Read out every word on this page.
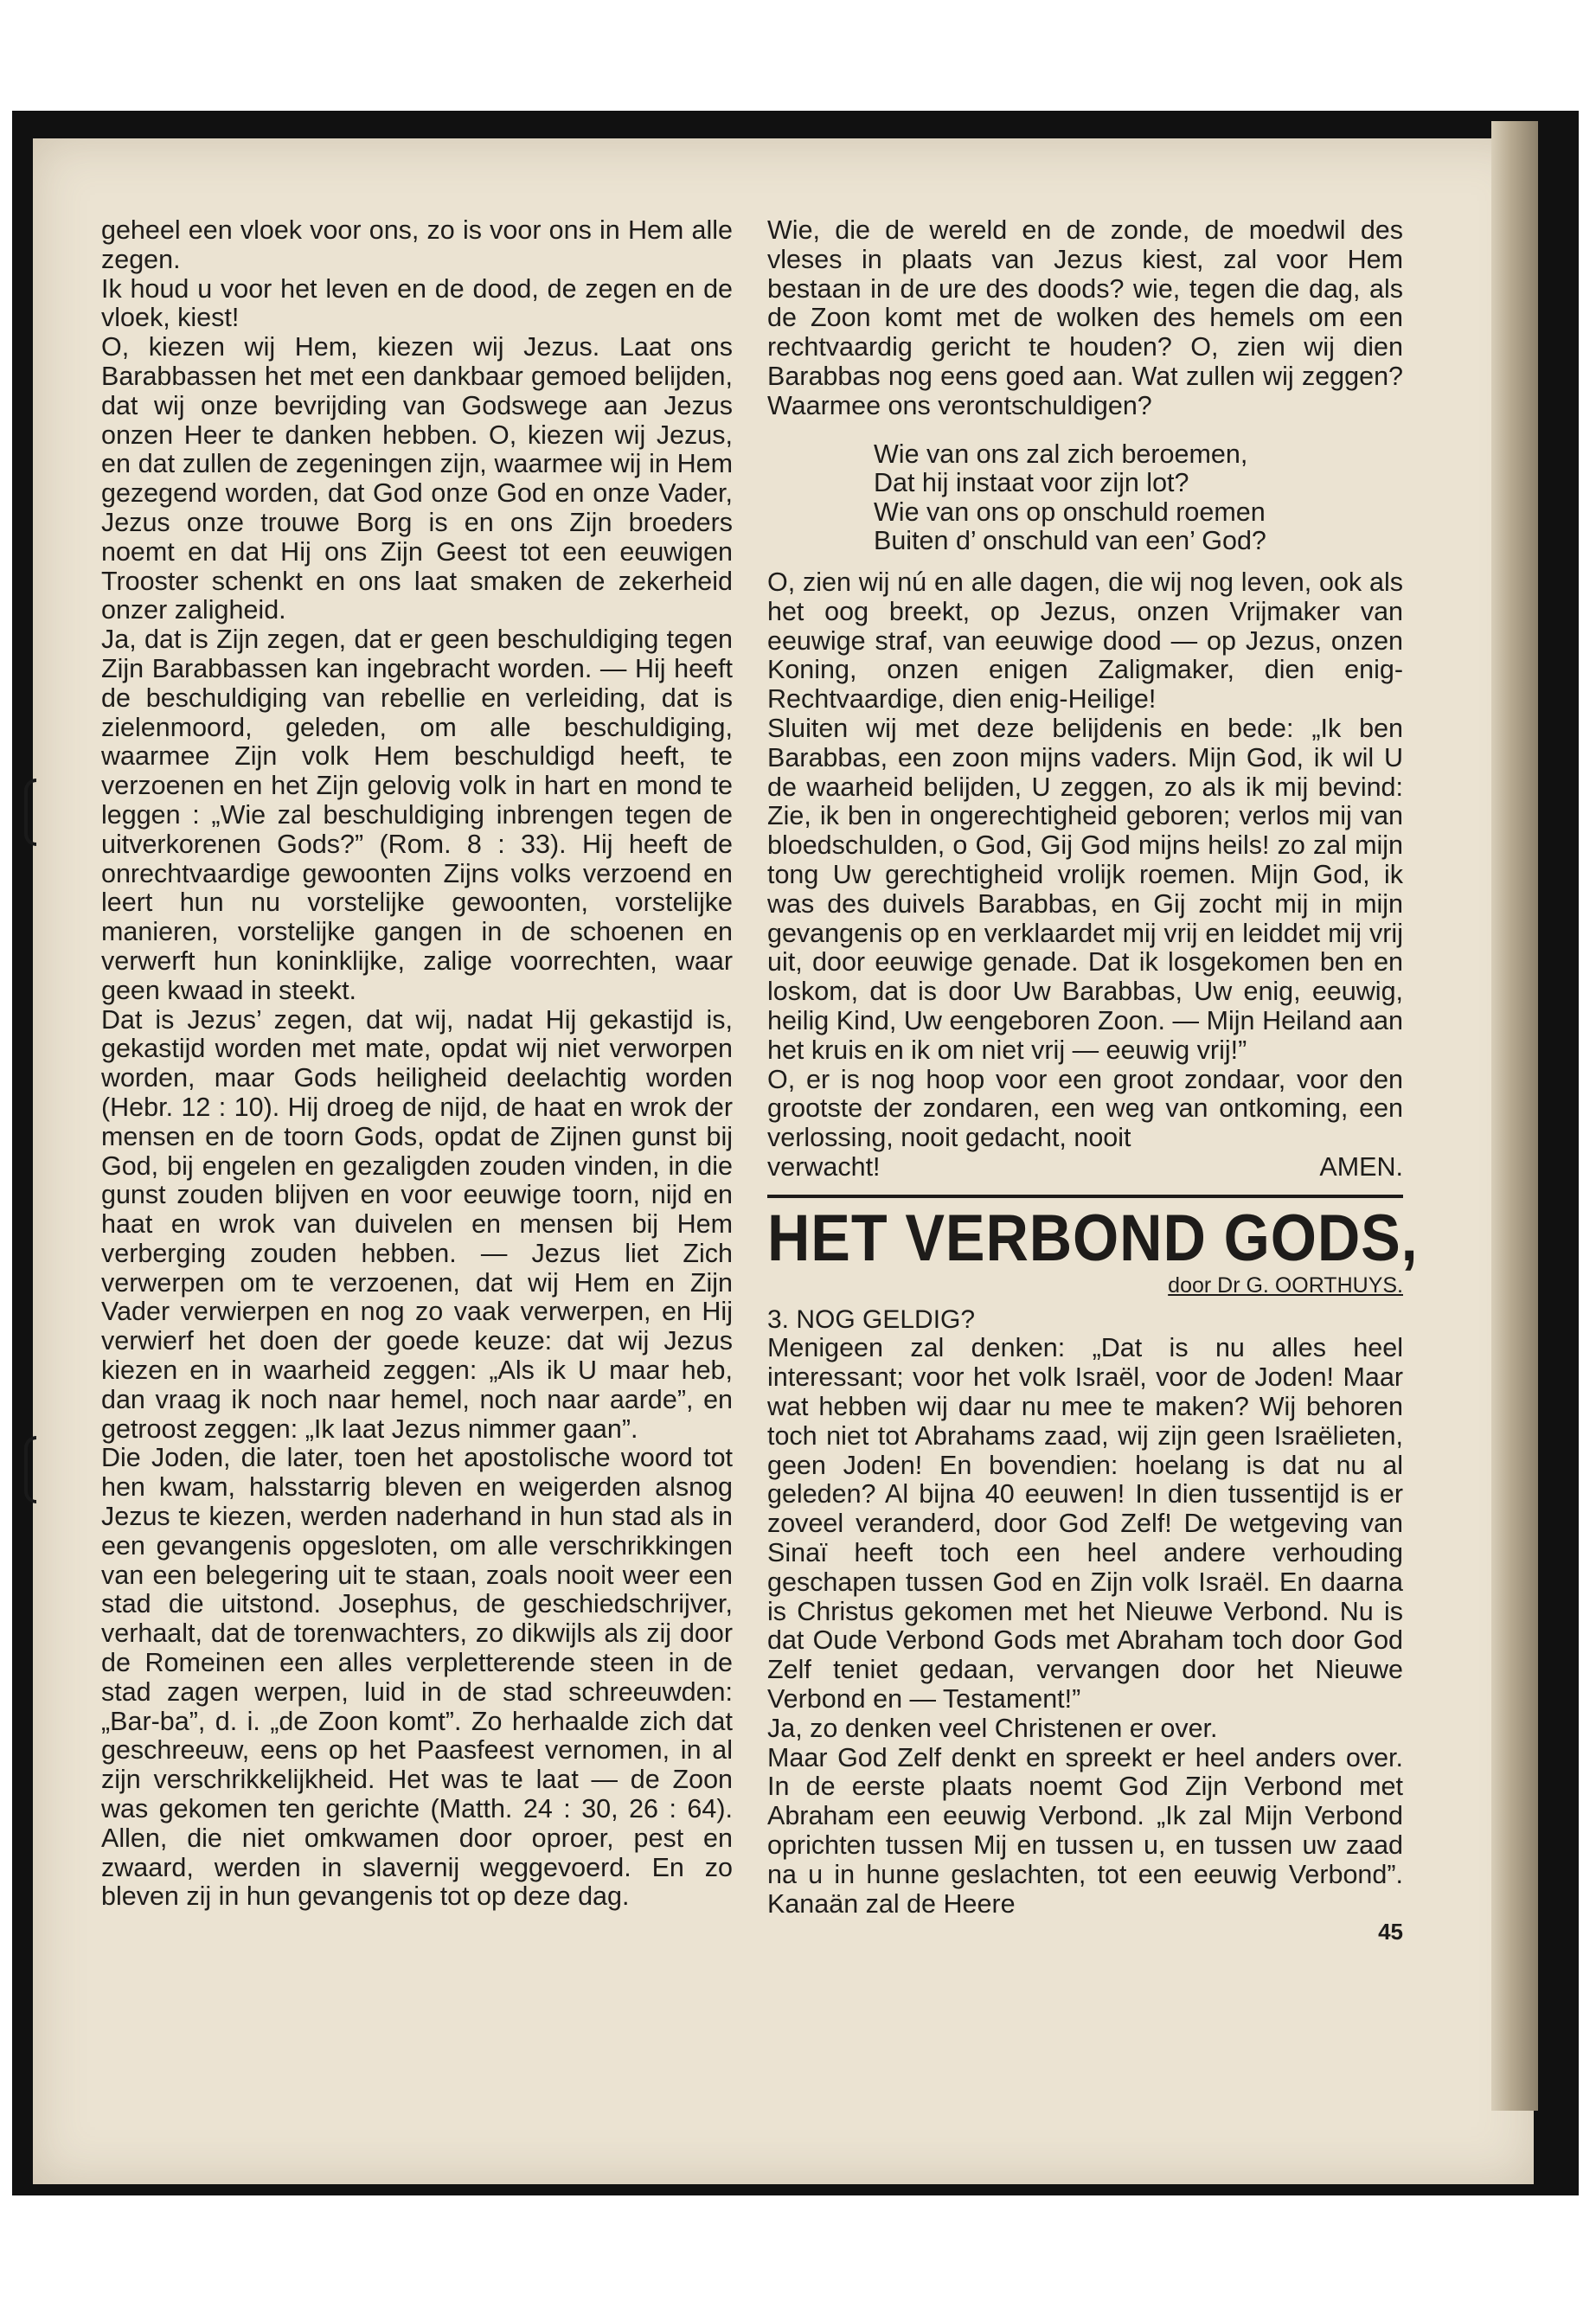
geheel een vloek voor ons, zo is voor ons in Hem alle zegen.

Ik houd u voor het leven en de dood, de zegen en de vloek, kiest!

O, kiezen wij Hem, kiezen wij Jezus. Laat ons Barabbassen het met een dankbaar gemoed belijden, dat wij onze bevrijding van Godswege aan Jezus onzen Heer te danken hebben. O, kiezen wij Jezus, en dat zullen de zegeningen zijn, waarmee wij in Hem gezegend worden, dat God onze God en onze Vader, Jezus onze trouwe Borg is en ons Zijn broeders noemt en dat Hij ons Zijn Geest tot een eeuwigen Trooster schenkt en ons laat smaken de zekerheid onzer zaligheid.

Ja, dat is Zijn zegen, dat er geen beschuldiging tegen Zijn Barabbassen kan ingebracht worden. — Hij heeft de beschuldiging van rebellie en verleiding, dat is zielenmoord, geleden, om alle beschuldiging, waarmee Zijn volk Hem beschuldigd heeft, te verzoenen en het Zijn gelovig volk in hart en mond te leggen : „Wie zal beschuldiging inbrengen tegen de uitverkorenen Gods?” (Rom. 8 : 33). Hij heeft de onrechtvaardige gewoonten Zijns volks verzoend en leert hun nu vorstelijke gewoonten, vorstelijke manieren, vorstelijke gangen in de schoenen en verwerft hun koninklijke, zalige voorrechten, waar geen kwaad in steekt.

Dat is Jezus’ zegen, dat wij, nadat Hij gekastijd is, gekastijd worden met mate, opdat wij niet verworpen worden, maar Gods heiligheid deelachtig worden (Hebr. 12 : 10). Hij droeg de nijd, de haat en wrok der mensen en de toorn Gods, opdat de Zijnen gunst bij God, bij engelen en gezaligden zouden vinden, in die gunst zouden blijven en voor eeuwige toorn, nijd en haat en wrok van duivelen en mensen bij Hem verberging zouden hebben. — Jezus liet Zich verwerpen om te verzoenen, dat wij Hem en Zijn Vader verwierpen en nog zo vaak verwerpen, en Hij verwierf het doen der goede keuze: dat wij Jezus kiezen en in waarheid zeggen: „Als ik U maar heb, dan vraag ik noch naar hemel, noch naar aarde”, en getroost zeggen: „Ik laat Jezus nimmer gaan”.

Die Joden, die later, toen het apostolische woord tot hen kwam, halsstarrig bleven en weigerden alsnog Jezus te kiezen, werden naderhand in hun stad als in een gevangenis opgesloten, om alle verschrikkingen van een belegering uit te staan, zoals nooit weer een stad die uitstond. Josephus, de geschiedschrijver, verhaalt, dat de torenwachters, zo dikwijls als zij door de Romeinen een alles verpletterende steen in de stad zagen werpen, luid in de stad schreeuwden: „Bar-ba”, d. i. „de Zoon komt”. Zo herhaalde zich dat geschreeuw, eens op het Paasfeest vernomen, in al zijn verschrikkelijkheid. Het was te laat — de Zoon was gekomen ten gerichte (Matth. 24 : 30, 26 : 64). Allen, die niet omkwamen door oproer, pest en zwaard, werden in slavernij weggevoerd. En zo bleven zij in hun gevangenis tot op deze dag.

Wie, die de wereld en de zonde, de moedwil des vleses in plaats van Jezus kiest, zal voor Hem bestaan in de ure des doods? wie, tegen die dag, als de Zoon komt met de wolken des hemels om een rechtvaardig gericht te houden? O, zien wij dien Barabbas nog eens goed aan. Wat zullen wij zeggen? Waarmee ons verontschuldigen?

Wie van ons zal zich beroemen,
Dat hij instaat voor zijn lot?
Wie van ons op onschuld roemen
Buiten d’ onschuld van een’ God?

O, zien wij nú en alle dagen, die wij nog leven, ook als het oog breekt, op Jezus, onzen Vrijmaker van eeuwige straf, van eeuwige dood — op Jezus, onzen Koning, onzen enigen Zaligmaker, dien enig-Rechtvaardige, dien enig-Heilige!

Sluiten wij met deze belijdenis en bede: „Ik ben Barabbas, een zoon mijns vaders. Mijn God, ik wil U de waarheid belijden, U zeggen, zo als ik mij bevind: Zie, ik ben in ongerechtigheid geboren; verlos mij van bloedschulden, o God, Gij God mijns heils! zo zal mijn tong Uw gerechtigheid vrolijk roemen. Mijn God, ik was des duivels Barabbas, en Gij zocht mij in mijn gevangenis op en verklaardet mij vrij en leiddet mij vrij uit, door eeuwige genade. Dat ik losgekomen ben en loskom, dat is door Uw Barabbas, Uw enig, eeuwig, heilig Kind, Uw eengeboren Zoon. — Mijn Heiland aan het kruis en ik om niet vrij — eeuwig vrij!”

O, er is nog hoop voor een groot zondaar, voor den grootste der zondaren, een weg van ontkoming, een verlossing, nooit gedacht, nooit

verwacht!	AMEN.

HET VERBOND GODS,
door Dr G. OORTHUYS.
3. NOG GELDIG?

Menigeen zal denken: „Dat is nu alles heel interessant; voor het volk Israël, voor de Joden! Maar wat hebben wij daar nu mee te maken? Wij behoren toch niet tot Abrahams zaad, wij zijn geen Israëlieten, geen Joden! En bovendien: hoelang is dat nu al geleden? Al bijna 40 eeuwen! In dien tussentijd is er zoveel veranderd, door God Zelf! De wetgeving van Sinaï heeft toch een heel andere verhouding geschapen tussen God en Zijn volk Israël. En daarna is Christus gekomen met het Nieuwe Verbond. Nu is dat Oude Verbond Gods met Abraham toch door God Zelf teniet gedaan, vervangen door het Nieuwe Verbond en — Testament!”

Ja, zo denken veel Christenen er over.

Maar God Zelf denkt en spreekt er heel anders over. In de eerste plaats noemt God Zijn Verbond met Abraham een eeuwig Verbond. „Ik zal Mijn Verbond oprichten tussen Mij en tussen u, en tussen uw zaad na u in hunne geslachten, tot een eeuwig Verbond”. Kanaän zal de Heere

45
